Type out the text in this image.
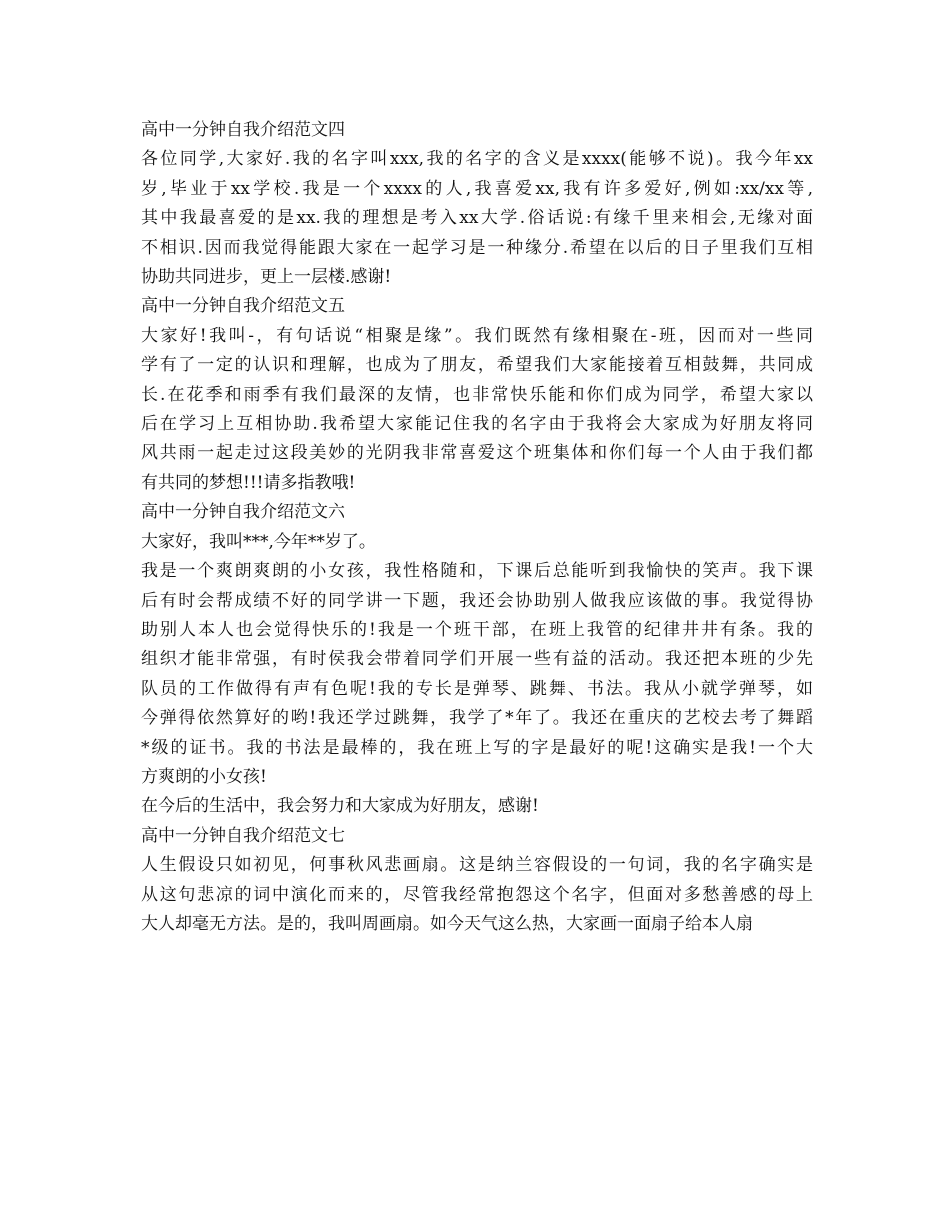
高中一分钟自我介绍范文四
各位同学,大家好.我的名字叫xxx,我的名字的含义是xxxx(能够不说)。我今年xx
岁,毕业于xx学校.我是一个xxxx的人,我喜爱xx,我有许多爱好,例如:xx/xx等,
其中我最喜爱的是xx.我的理想是考入xx大学.俗话说:有缘千里来相会,无缘对面
不相识.因而我觉得能跟大家在一起学习是一种缘分.希望在以后的日子里我们互相
协助共同进步，更上一层楼.感谢!
高中一分钟自我介绍范文五
大家好!我叫-，有句话说“相聚是缘”。我们既然有缘相聚在-班，因而对一些同
学有了一定的认识和理解，也成为了朋友，希望我们大家能接着互相鼓舞，共同成
长.在花季和雨季有我们最深的友情，也非常快乐能和你们成为同学，希望大家以
后在学习上互相协助.我希望大家能记住我的名字由于我将会大家成为好朋友将同
风共雨一起走过这段美妙的光阴我非常喜爱这个班集体和你们每一个人由于我们都
有共同的梦想!!!请多指教哦!
高中一分钟自我介绍范文六
大家好，我叫***,今年**岁了。
我是一个爽朗爽朗的小女孩，我性格随和，下课后总能听到我愉快的笑声。我下课
后有时会帮成绩不好的同学讲一下题，我还会协助别人做我应该做的事。我觉得协
助别人本人也会觉得快乐的!我是一个班干部，在班上我管的纪律井井有条。我的
组织才能非常强，有时侯我会带着同学们开展一些有益的活动。我还把本班的少先
队员的工作做得有声有色呢!我的专长是弹琴、跳舞、书法。我从小就学弹琴，如
今弹得依然算好的哟!我还学过跳舞，我学了*年了。我还在重庆的艺校去考了舞蹈
*级的证书。我的书法是最棒的，我在班上写的字是最好的呢!这确实是我!一个大
方爽朗的小女孩!
在今后的生活中，我会努力和大家成为好朋友，感谢!
高中一分钟自我介绍范文七
人生假设只如初见，何事秋风悲画扇。这是纳兰容假设的一句词，我的名字确实是
从这句悲凉的词中演化而来的，尽管我经常抱怨这个名字，但面对多愁善感的母上
大人却毫无方法。是的，我叫周画扇。如今天气这么热，大家画一面扇子给本人扇
